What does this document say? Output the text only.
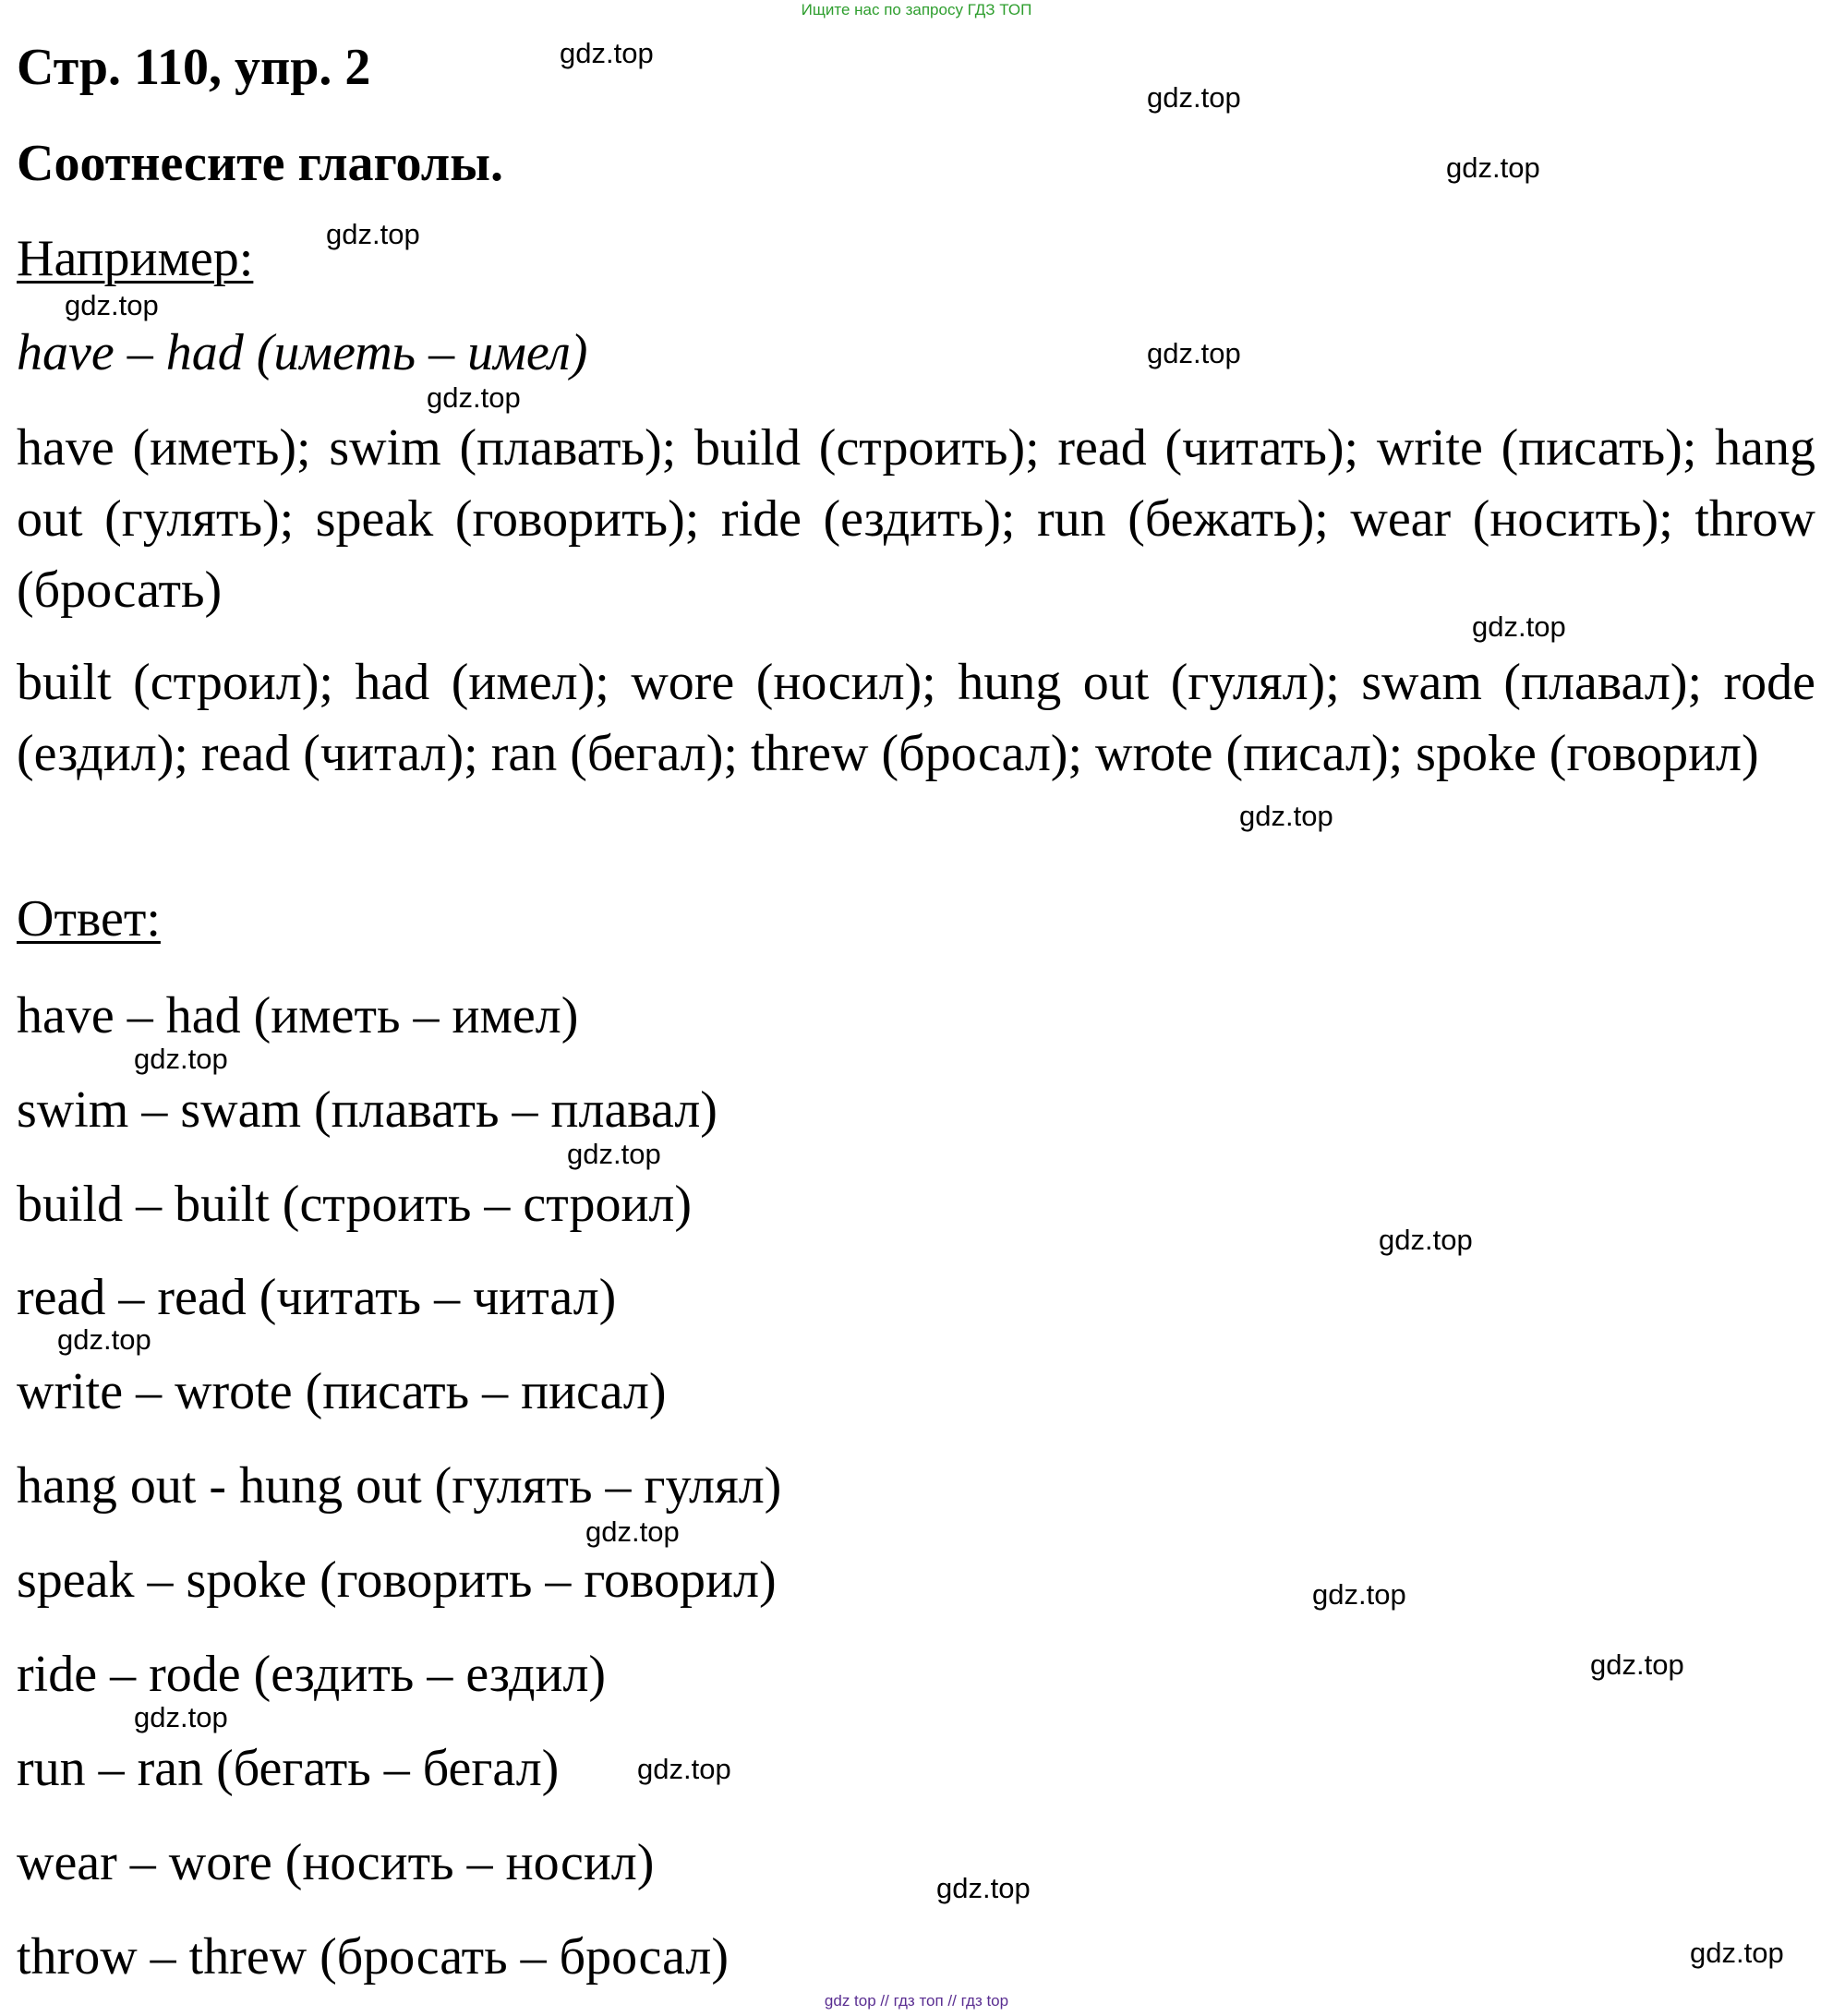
Ищите нас по запросу ГДЗ ТОП
Стр. 110, упр. 2
Соотнесите глаголы.
Например:
have – had (иметь – имел)

have (иметь); swim (плавать); build (строить); read (читать); write (писать); hang out (гулять); speak (говорить); ride (ездить); run (бежать); wear (носить); throw (бросать)

built (строил); had (имел); wore (носил); hung out (гулял); swam (плавал); rode (ездил); read (читал); ran (бегал); threw (бросал); wrote (писал); spoke (говорил)

Ответ:
have – had (иметь – имел)
swim – swam (плавать – плавал)
build – built (строить – строил)
read – read (читать – читал)
write – wrote (писать – писал)
hang out - hung out (гулять – гулял)
speak – spoke (говорить – говорил)
ride – rode (ездить – ездил)
run – ran (бегать – бегал)
wear – wore (носить – носил)
throw – threw (бросать – бросал)
gdz.top
gdz.top
gdz.top
gdz.top
gdz.top
gdz.top
gdz.top
gdz.top
gdz.top
gdz.top
gdz.top
gdz.top
gdz.top
gdz.top
gdz.top
gdz.top
gdz.top
gdz.top
gdz.top
gdz.top
gdz top // гдз топ // гдз top
